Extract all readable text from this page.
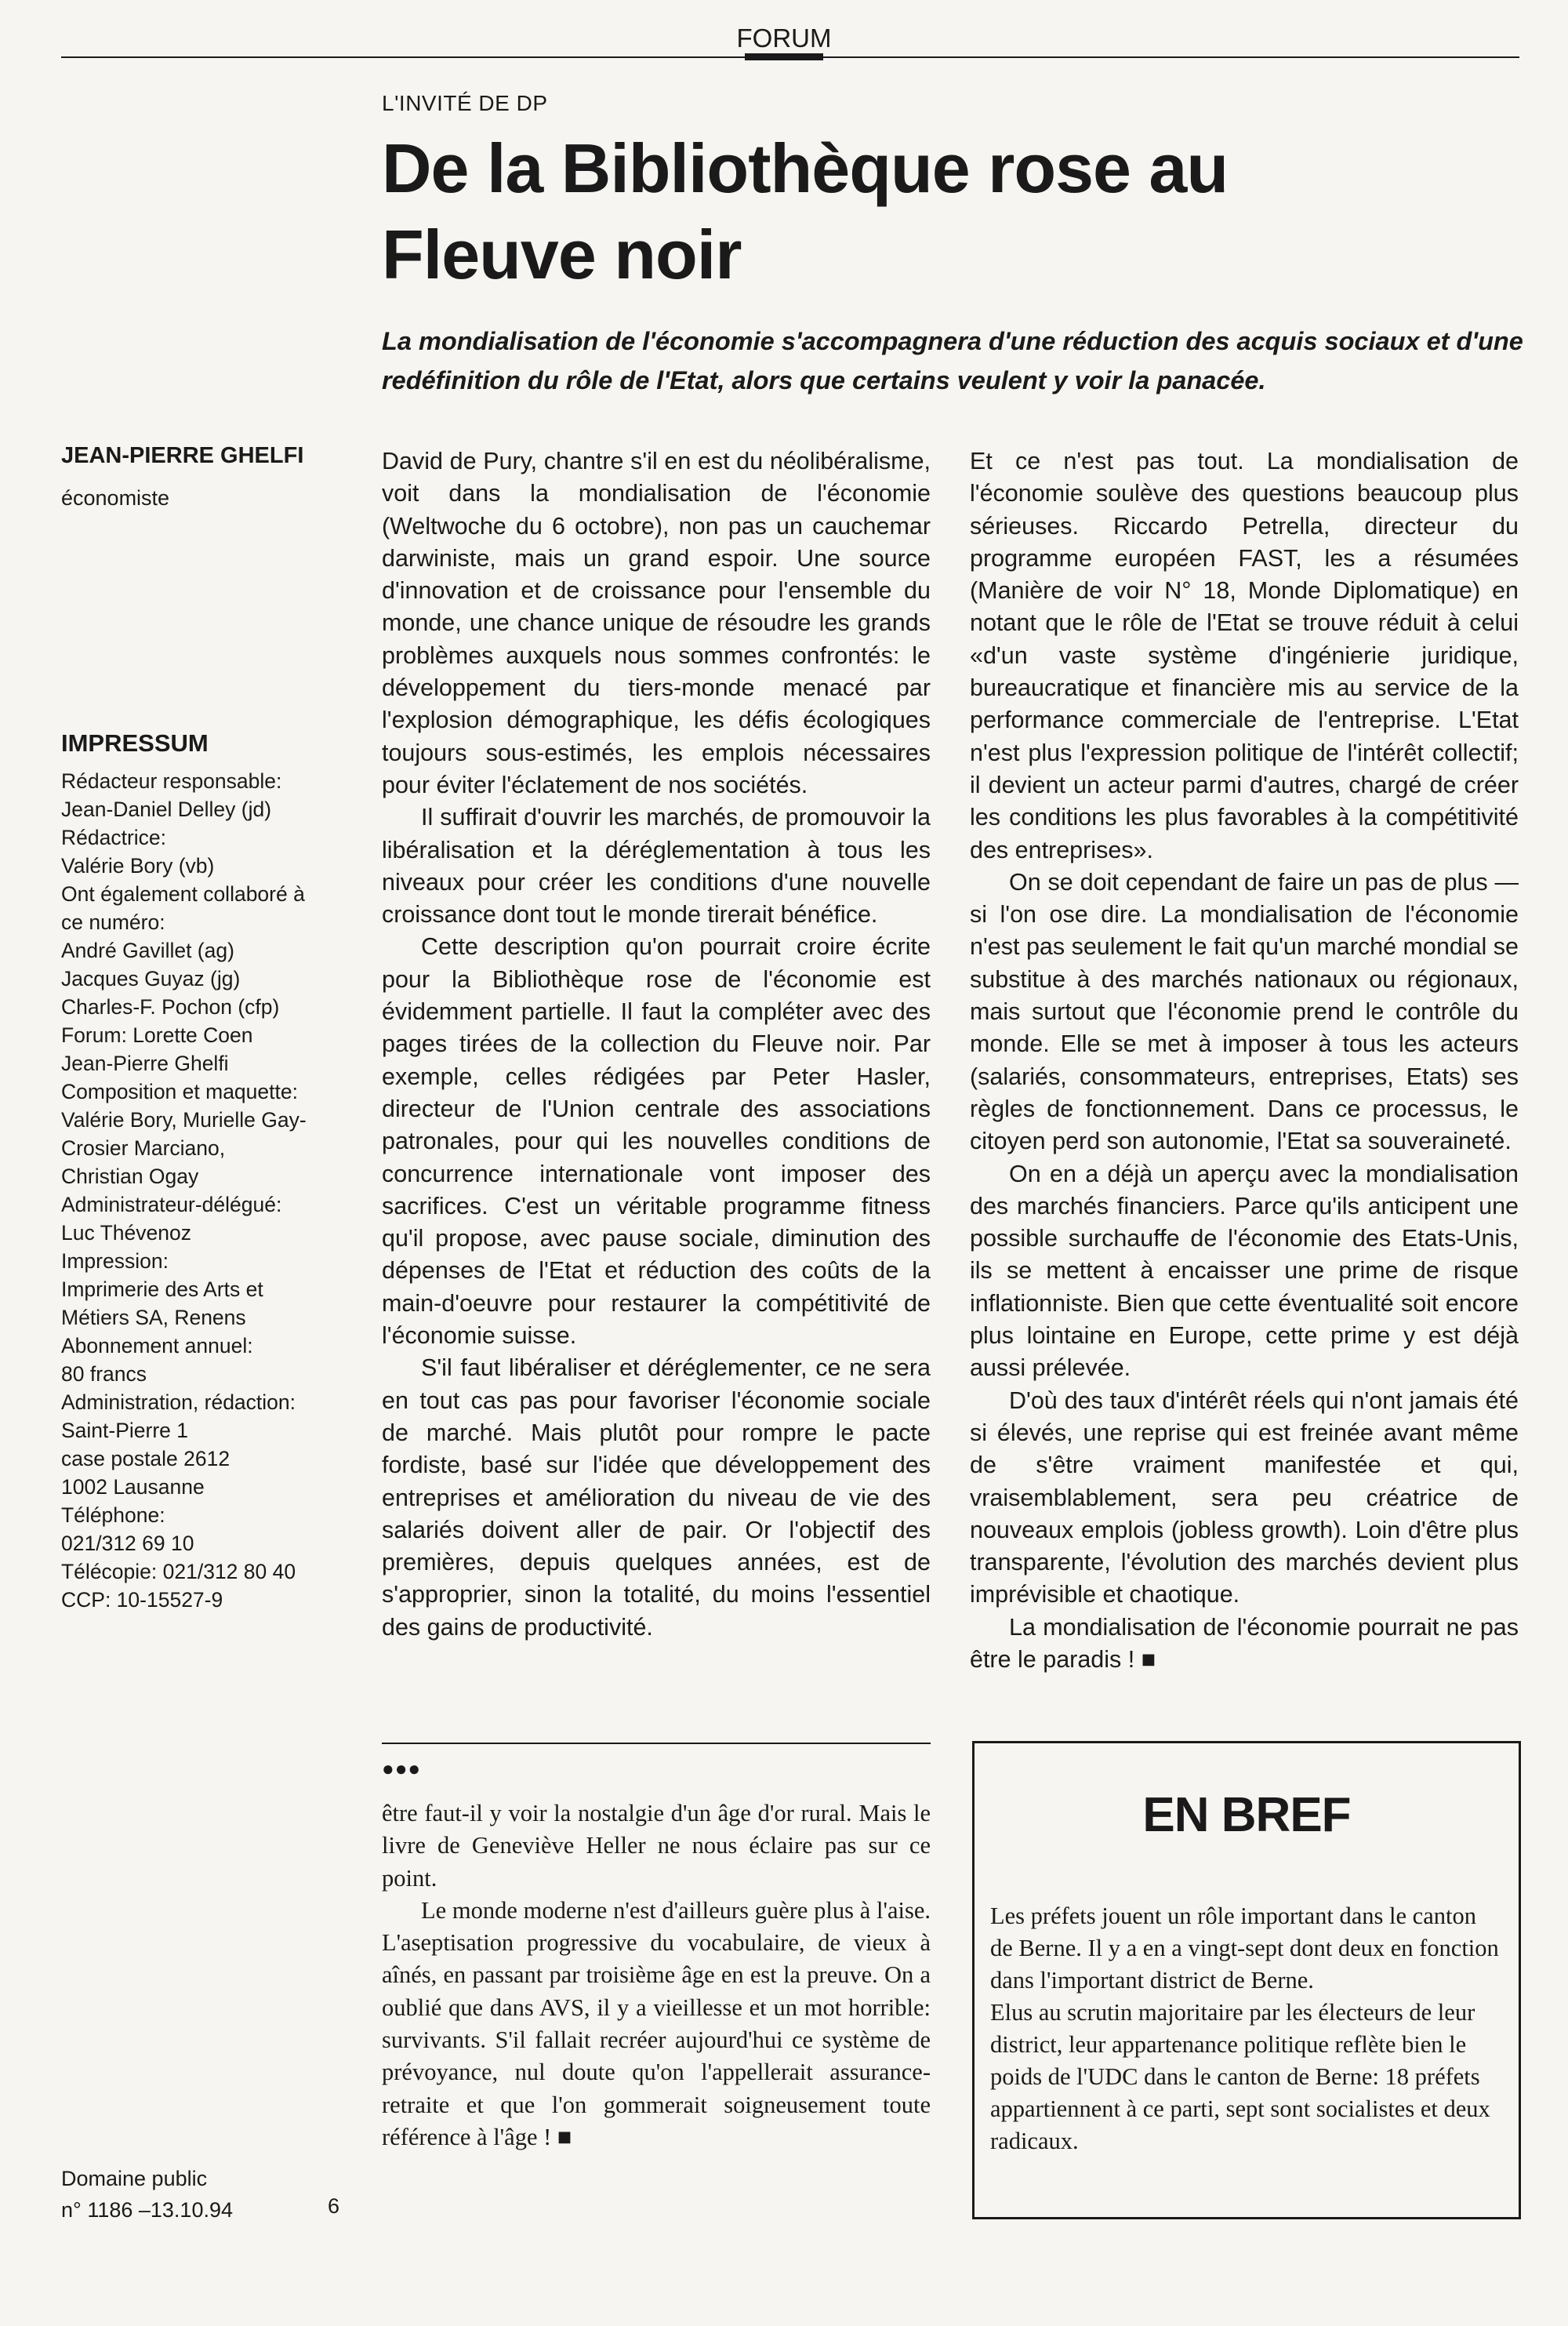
FORUM
L'INVITÉ DE DP
De la Bibliothèque rose au Fleuve noir

La mondialisation de l'économie s'accompagnera d'une réduction des acquis sociaux et d'une redéfinition du rôle de l'Etat, alors que certains veulent y voir la panacée.

JEAN-PIERRE GHELFI
économiste
IMPRESSUM
Rédacteur responsable:
Jean-Daniel Delley (jd)
Rédactrice:
Valérie Bory (vb)
Ont également collaboré à
ce numéro:
André Gavillet (ag)
Jacques Guyaz (jg)
Charles-F. Pochon (cfp)
Forum: Lorette Coen
Jean-Pierre Ghelfi
Composition et maquette:
Valérie Bory, Murielle Gay-
Crosier Marciano,
Christian Ogay
Administrateur-délégué:
Luc Thévenoz
Impression:
Imprimerie des Arts et
Métiers SA, Renens
Abonnement annuel:
80 francs
Administration, rédaction:
Saint-Pierre 1
case postale 2612
1002 Lausanne
Téléphone:
021/312 69 10
Télécopie: 021/312 80 40
CCP: 10-15527-9

David de Pury, chantre s'il en est du néolibéralisme, voit dans la mondialisation de l'économie (Weltwoche du 6 octobre), non pas un cauchemar darwiniste, mais un grand espoir. Une source d'innovation et de croissance pour l'ensemble du monde, une chance unique de résoudre les grands problèmes auxquels nous sommes confrontés: le développement du tiers-monde menacé par l'explosion démographique, les défis écologiques toujours sous-estimés, les emplois nécessaires pour éviter l'éclatement de nos sociétés.

Il suffirait d'ouvrir les marchés, de promouvoir la libéralisation et la déréglementation à tous les niveaux pour créer les conditions d'une nouvelle croissance dont tout le monde tirerait bénéfice.

Cette description qu'on pourrait croire écrite pour la Bibliothèque rose de l'économie est évidemment partielle. Il faut la compléter avec des pages tirées de la collection du Fleuve noir. Par exemple, celles rédigées par Peter Hasler, directeur de l'Union centrale des associations patronales, pour qui les nouvelles conditions de concurrence internationale vont imposer des sacrifices. C'est un véritable programme fitness qu'il propose, avec pause sociale, diminution des dépenses de l'Etat et réduction des coûts de la main-d'oeuvre pour restaurer la compétitivité de l'économie suisse.

S'il faut libéraliser et déréglementer, ce ne sera en tout cas pas pour favoriser l'économie sociale de marché. Mais plutôt pour rompre le pacte fordiste, basé sur l'idée que développement des entreprises et amélioration du niveau de vie des salariés doivent aller de pair. Or l'objectif des premières, depuis quelques années, est de s'approprier, sinon la totalité, du moins l'essentiel des gains de productivité.

Et ce n'est pas tout. La mondialisation de l'économie soulève des questions beaucoup plus sérieuses. Riccardo Petrella, directeur du programme européen FAST, les a résumées (Manière de voir N° 18, Monde Diplomatique) en notant que le rôle de l'Etat se trouve réduit à celui «d'un vaste système d'ingénierie juridique, bureaucratique et financière mis au service de la performance commerciale de l'entreprise. L'Etat n'est plus l'expression politique de l'intérêt collectif; il devient un acteur parmi d'autres, chargé de créer les conditions les plus favorables à la compétitivité des entreprises».

On se doit cependant de faire un pas de plus — si l'on ose dire. La mondialisation de l'économie n'est pas seulement le fait qu'un marché mondial se substitue à des marchés nationaux ou régionaux, mais surtout que l'économie prend le contrôle du monde. Elle se met à imposer à tous les acteurs (salariés, consommateurs, entreprises, Etats) ses règles de fonctionnement. Dans ce processus, le citoyen perd son autonomie, l'Etat sa souveraineté.

On en a déjà un aperçu avec la mondialisation des marchés financiers. Parce qu'ils anticipent une possible surchauffe de l'économie des Etats-Unis, ils se mettent à encaisser une prime de risque inflationniste. Bien que cette éventualité soit encore plus lointaine en Europe, cette prime y est déjà aussi prélevée.

D'où des taux d'intérêt réels qui n'ont jamais été si élevés, une reprise qui est freinée avant même de s'être vraiment manifestée et qui, vraisemblablement, sera peu créatrice de nouveaux emplois (jobless growth). Loin d'être plus transparente, l'évolution des marchés devient plus imprévisible et chaotique.

La mondialisation de l'économie pourrait ne pas être le paradis ! ■

●●●

être faut-il y voir la nostalgie d'un âge d'or rural. Mais le livre de Geneviève Heller ne nous éclaire pas sur ce point.

Le monde moderne n'est d'ailleurs guère plus à l'aise. L'aseptisation progressive du vocabulaire, de vieux à aînés, en passant par troisième âge en est la preuve. On a oublié que dans AVS, il y a vieillesse et un mot horrible: survivants. S'il fallait recréer aujourd'hui ce système de prévoyance, nul doute qu'on l'appellerait assurance-retraite et que l'on gommerait soigneusement toute référence à l'âge ! ■

EN BREF

Les préfets jouent un rôle important dans le canton de Berne. Il y a en a vingt-sept dont deux en fonction dans l'important district de Berne.

Elus au scrutin majoritaire par les électeurs de leur district, leur appartenance politique reflète bien le poids de l'UDC dans le canton de Berne: 18 préfets appartiennent à ce parti, sept sont socialistes et deux radicaux.

Domaine public
n° 1186 –13.10.94	6
